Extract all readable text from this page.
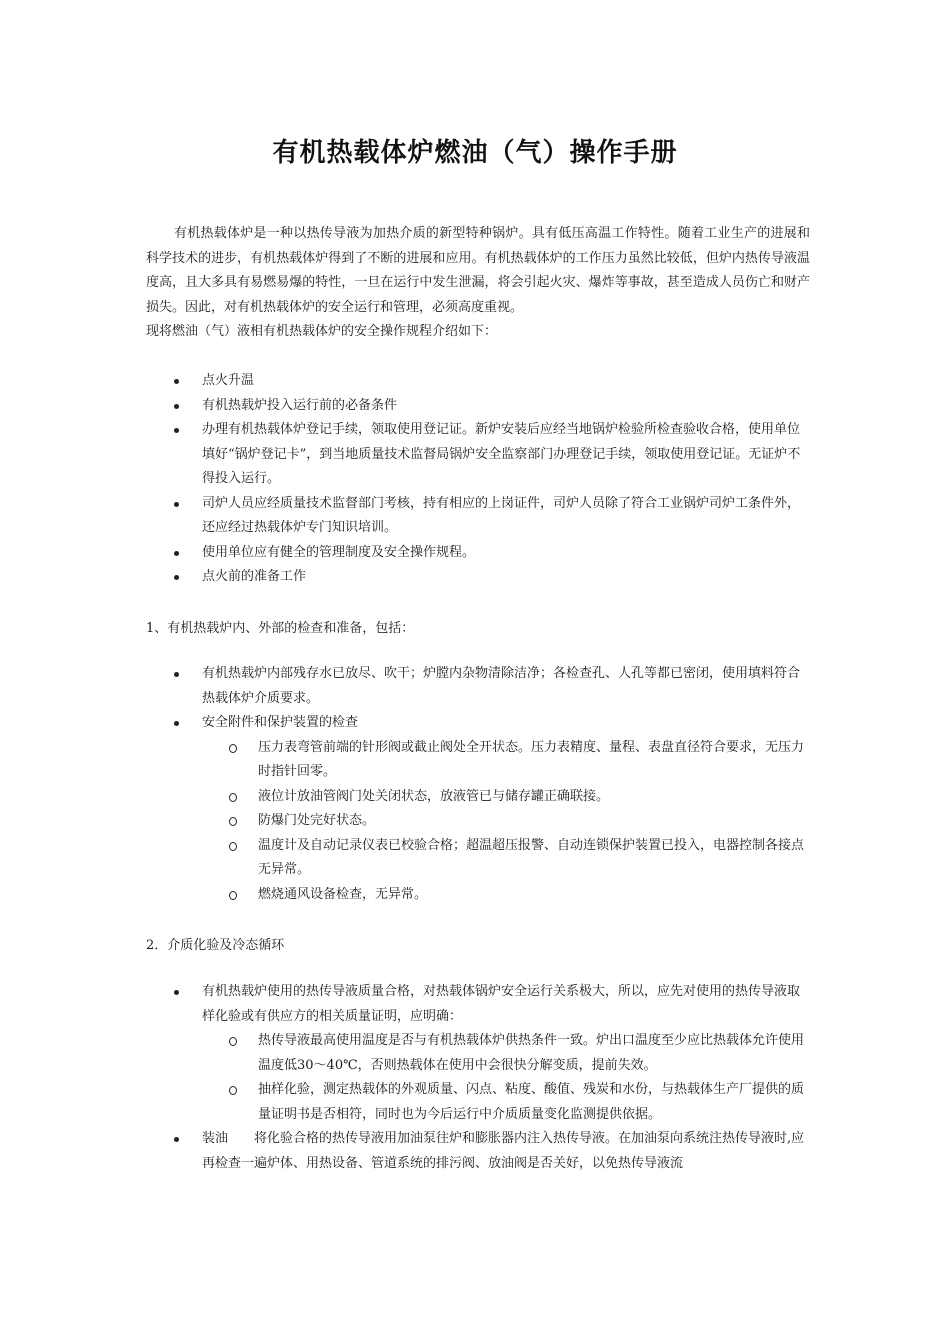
有机热载体炉燃油（气）操作手册
有机热载体炉是一种以热传导液为加热介质的新型特种锅炉。具有低压高温工作特性。随着工业生产的进展和科学技术的进步，有机热载体炉得到了不断的进展和应用。有机热载体炉的工作压力虽然比较低，但炉内热传导液温度高，且大多具有易燃易爆的特性，一旦在运行中发生泄漏，将会引起火灾、爆炸等事故，甚至造成人员伤亡和财产损失。因此，对有机热载体炉的安全运行和管理，必须高度重视。
现将燃油（气）液相有机热载体炉的安全操作规程介绍如下：
点火升温
有机热载炉投入运行前的必备条件
办理有机热载体炉登记手续，领取使用登记证。新炉安装后应经当地锅炉检验所检查验收合格，使用单位填好“锅炉登记卡”，到当地质量技术监督局锅炉安全监察部门办理登记手续，领取使用登记证。无证炉不得投入运行。
司炉人员应经质量技术监督部门考核，持有相应的上岗证件，司炉人员除了符合工业锅炉司炉工条件外，还应经过热载体炉专门知识培训。
使用单位应有健全的管理制度及安全操作规程。
点火前的准备工作
1、有机热载炉内、外部的检查和准备，包括：
有机热载炉内部残存水已放尽、吹干；炉膛内杂物清除洁净；各检查孔、人孔等都已密闭，使用填料符合热载体炉介质要求。
安全附件和保护装置的检查
压力表弯管前端的针形阀或截止阀处全开状态。压力表精度、量程、表盘直径符合要求，无压力时指针回零。
液位计放油管阀门处关闭状态，放液管已与储存罐正确联接。
防爆门处完好状态。
温度计及自动记录仪表已校验合格；超温超压报警、自动连锁保护装置已投入，电器控制各接点无异常。
燃烧通风设备检查，无异常。
2．介质化验及冷态循环
有机热载炉使用的热传导液质量合格，对热载体锅炉安全运行关系极大，所以，应先对使用的热传导液取样化验或有供应方的相关质量证明，应明确：
热传导液最高使用温度是否与有机热载体炉供热条件一致。炉出口温度至少应比热载体允许使用温度低30～40℃，否则热载体在使用中会很快分解变质，提前失效。
抽样化验，测定热载体的外观质量、闪点、粘度、酸值、残炭和水份，与热载体生产厂提供的质量证明书是否相符，同时也为今后运行中介质质量变化监测提供依据。
装油　　将化验合格的热传导液用加油泵往炉和膨胀器内注入热传导液。在加油泵向系统注热传导液时,应再检查一遍炉体、用热设备、管道系统的排污阀、放油阀是否关好，以免热传导液流
